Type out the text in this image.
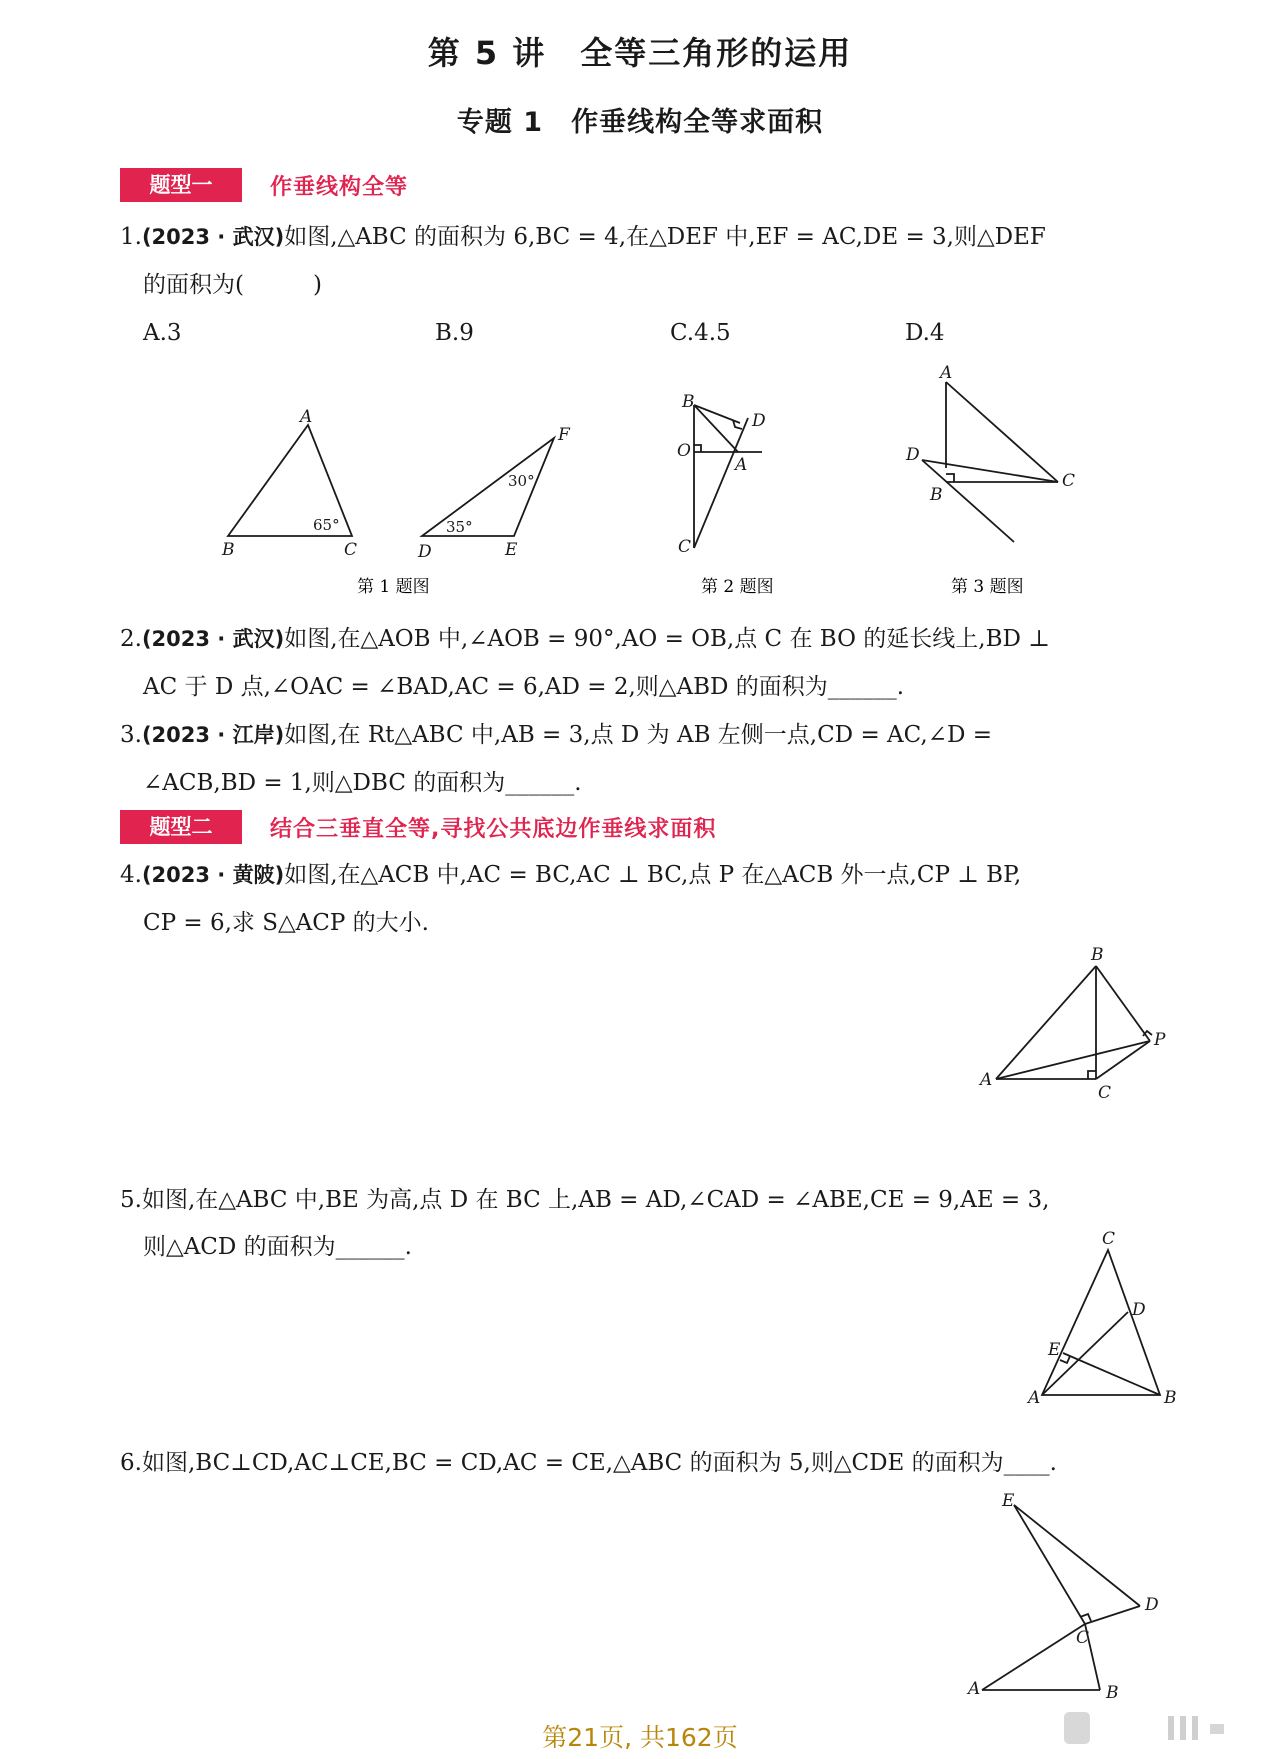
第 5 讲　全等三角形的运用
专题 1　作垂线构全等求面积
题型一	作垂线构全等
1.(2023 · 武汉)如图,△ABC 的面积为 6,BC = 4,在△DEF 中,EF = AC,DE = 3,则△DEF
的面积为(　　　)
A.3	B.9	C.4.5	D.4
A
B	C
65°
D	E
F
35°
30°
B
D
O
A
C
A
D
B
C
第 1 题图	第 2 题图	第 3 题图
2.(2023 · 武汉)如图,在△AOB 中,∠AOB = 90°,AO = OB,点 C 在 BO 的延长线上,BD ⊥
AC 于 D 点,∠OAC = ∠BAD,AC = 6,AD = 2,则△ABD 的面积为______.
3.(2023 · 江岸)如图,在 Rt△ABC 中,AB = 3,点 D 为 AB 左侧一点,CD = AC,∠D =
∠ACB,BD = 1,则△DBC 的面积为______.
题型二	结合三垂直全等,寻找公共底边作垂线求面积
4.(2023 · 黄陂)如图,在△ACB 中,AC = BC,AC ⊥ BC,点 P 在△ACB 外一点,CP ⊥ BP,
CP = 6,求 S△ACP 的大小.
B
P
A
C
5.如图,在△ABC 中,BE 为高,点 D 在 BC 上,AB = AD,∠CAD = ∠ABE,CE = 9,AE = 3,
则△ACD 的面积为______.	C
D
E
A	B
6.如图,BC⊥CD,AC⊥CE,BC = CD,AC = CE,△ABC 的面积为 5,则△CDE 的面积为____.
E
D
C
A	B
第21页, 共162页
